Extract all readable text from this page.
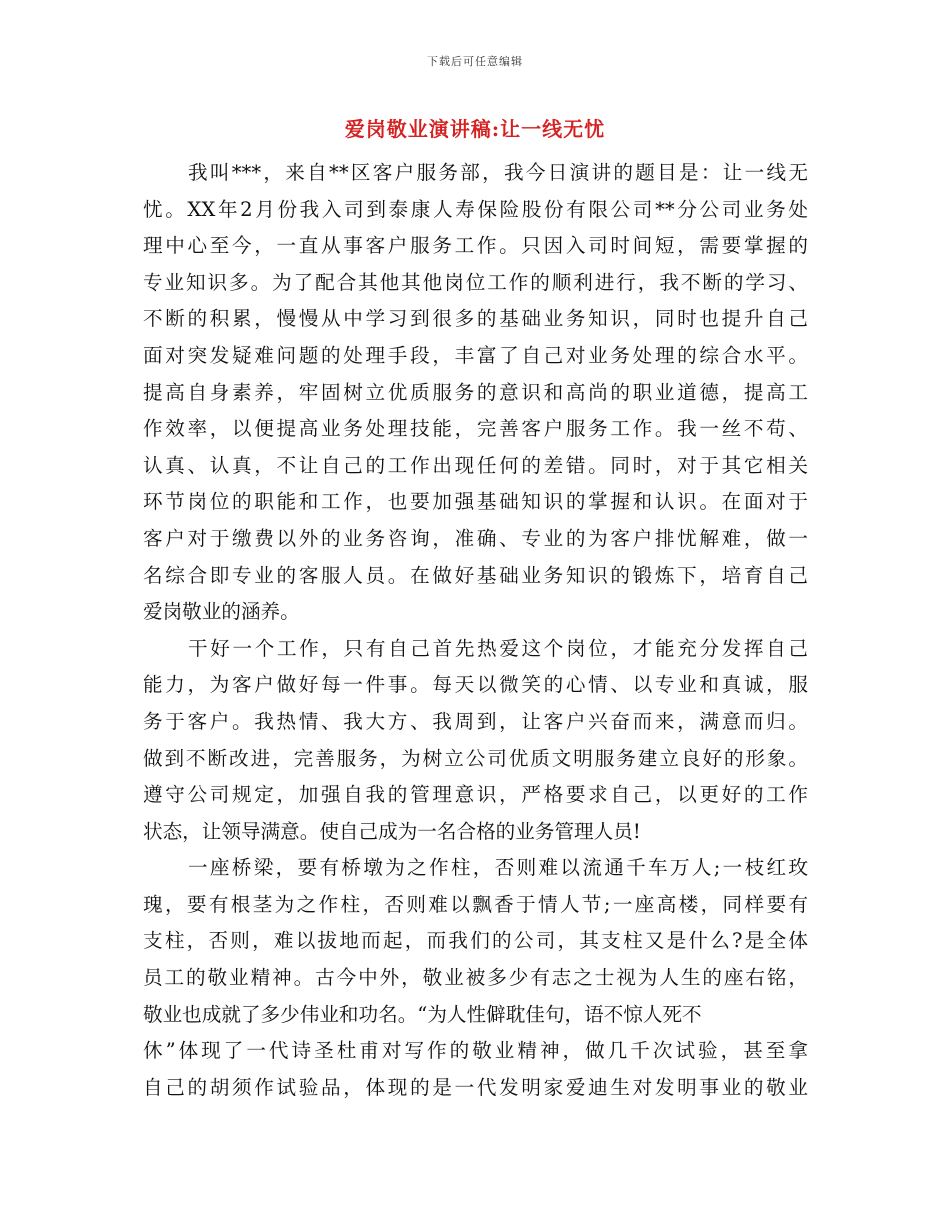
下载后可任意编辑
爱岗敬业演讲稿:让一线无忧
我叫***，来自**区客户服务部，我今日演讲的题目是：让一线无
忧。XX年2月份我入司到泰康人寿保险股份有限公司**分公司业务处
理中心至今，一直从事客户服务工作。只因入司时间短，需要掌握的
专业知识多。为了配合其他其他岗位工作的顺利进行，我不断的学习、
不断的积累，慢慢从中学习到很多的基础业务知识，同时也提升自己
面对突发疑难问题的处理手段，丰富了自己对业务处理的综合水平。
提高自身素养，牢固树立优质服务的意识和高尚的职业道德，提高工
作效率，以便提高业务处理技能，完善客户服务工作。我一丝不苟、
认真、认真，不让自己的工作出现任何的差错。同时，对于其它相关
环节岗位的职能和工作，也要加强基础知识的掌握和认识。在面对于
客户对于缴费以外的业务咨询，准确、专业的为客户排忧解难，做一
名综合即专业的客服人员。在做好基础业务知识的锻炼下，培育自己
爱岗敬业的涵养。
干好一个工作，只有自己首先热爱这个岗位，才能充分发挥自己
能力，为客户做好每一件事。每天以微笑的心情、以专业和真诚，服
务于客户。我热情、我大方、我周到，让客户兴奋而来，满意而归。
做到不断改进，完善服务，为树立公司优质文明服务建立良好的形象。
遵守公司规定，加强自我的管理意识，严格要求自己，以更好的工作
状态，让领导满意。使自己成为一名合格的业务管理人员!
一座桥梁，要有桥墩为之作柱，否则难以流通千车万人;一枝红玫
瑰，要有根茎为之作柱，否则难以飘香于情人节;一座高楼，同样要有
支柱，否则，难以拔地而起，而我们的公司，其支柱又是什么?是全体
员工的敬业精神。古今中外，敬业被多少有志之士视为人生的座右铭，
敬业也成就了多少伟业和功名。“为人性僻耽佳句，语不惊人死不
休”体现了一代诗圣杜甫对写作的敬业精神，做几千次试验，甚至拿
自己的胡须作试验品，体现的是一代发明家爱迪生对发明事业的敬业
